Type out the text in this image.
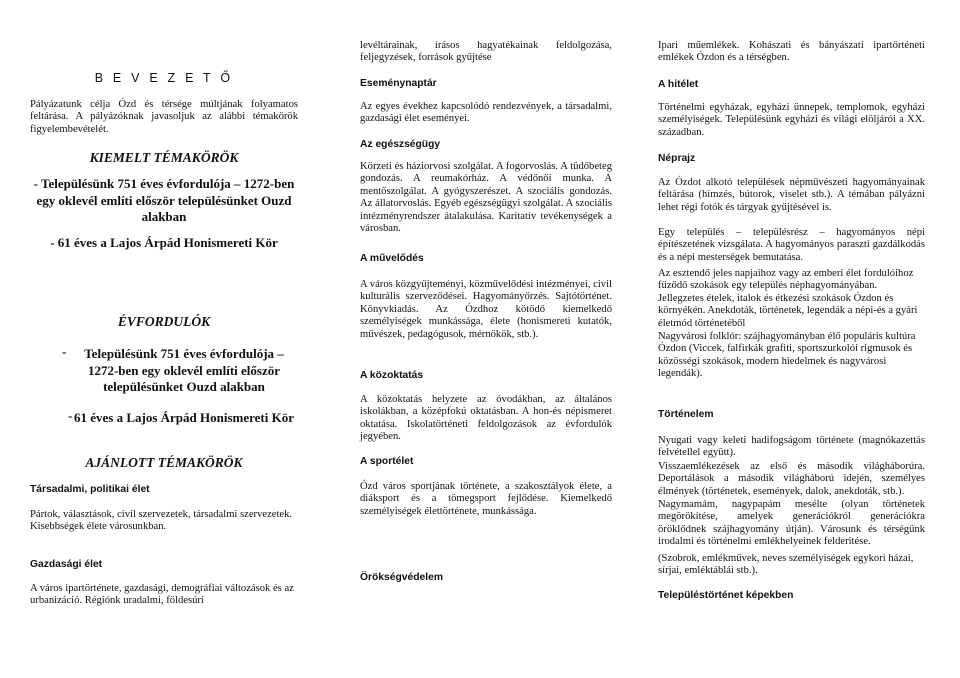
B E V E Z E T Ő
Pályázatunk célja Ózd és térsége múltjának folyamatos feltárása. A pályázóknak javasoljuk az alábbi témakörök figyelembevételét.
KIEMELT TÉMAKÖRÖK
- Településünk 751 éves évfordulója – 1272-ben egy oklevél említi először településünket Ouzd alakban
- 61 éves a Lajos Árpád Honismereti Kör
ÉVFORDULÓK
-	Településünk 751 éves évfordulója – 1272-ben egy oklevél említi először településünket Ouzd alakban
- 61 éves a Lajos Árpád Honismereti Kör
AJÁNLOTT TÉMAKÖRÖK
Társadalmi, politikai élet
Pártok, választások, civil szervezetek, társadalmi szervezetek. Kisebbségek élete városunkban.
Gazdasági élet
A város ipartörténete, gazdasági, demográfiai változások és az urbanizáció. Régiónk uradalmi, földesúri
levéltárainak, írásos hagyatékainak feldolgozása, feljegyzések, források gyűjtése
Eseménynaptár
Az egyes évekhez kapcsolódó rendezvények, a társadalmi, gazdasági élet eseményei.
Az egészségügy
Körzeti és háziorvosi szolgálat. A fogorvoslás. A tüdőbeteg gondozás. A reumakórház. A védőnői munka. A mentőszolgálat. A gyógyszerészet. A szociális gondozás. Az állatorvoslás. Egyéb egészségügyi szolgálat. A szociális intézményrendszer átalakulása. Karitatív tevékenységek a városban.
A művelődés
A város közgyűjteményi, közművelődési intézményei, civil kulturális szerveződései. Hagyományőrzés. Sajtótörténet. Könyvkiadás. Az Ózdhoz kötődő kiemelkedő személyiségek munkássága, élete (honismereti kutatók, művészek, pedagógusok, mérnökök, stb.).
A közoktatás
A közoktatás helyzete az óvodákban, az általános iskolákban, a középfokú oktatásban. A hon-és népismeret oktatása. Iskolatörténeti feldolgozások az évfordulók jegyében.
A sportélet
Ózd város sportjának története, a szakosztályok élete, a diáksport és a tömegsport fejlődése. Kiemelkedő személyiségek élettörténete, munkássága.
Örökségvédelem
Ipari műemlékek. Kohászati és bányászati ipartörténeti emlékek Ózdon és a térségben.
A hitélet
Történelmi egyházak, egyházi ünnepek, templomok, egyházi személyiségek. Településünk egyházi és világi elöljárói a XX. században.
Néprajz
Az Ózdot alkotó települések népművészeti hagyományainak feltárása (hímzés, bútorok, viselet stb.). A témában pályázni lehet régi fotók és tárgyak gyűjtésével is.
Egy település – településrész – hagyományos népi építészetének vizsgálata. A hagyományos paraszti gazdálkodás és a népi mesterségek bemutatása.
Az esztendő jeles napjaihoz vagy az emberi élet fordulóihoz fűződő szokások egy település néphagyományában. Jellegzetes ételek, italok és étkezési szokások Ózdon és környékén. Anekdoták, történetek, legendák a népi-és a gyári életmód történetéből
Nagyvárosi folklór: szájhagyományban élő populáris kultúra Ózdon (Viccek, falfirkák grafiti, sportszurkolói rigmusok és közösségi szokások, modern hiedelmek és nagyvárosi legendák).
Történelem
Nyugati vagy keleti hadifogságom története (magnókazettás felvétellel együtt).
Visszaemlékezések az első és második világháborúra. Deportálások a második világháború idején, személyes élmények (történetek, események, dalok, anekdoták, stb.).
Nagymamám, nagypapám mesélte (olyan történetek megörökítése, amelyek generációkról generációkra öröklődnek szájhagyomány útján). Városunk és térségünk irodalmi és történelmi emlékhelyeinek felderítése.
(Szobrok, emlékművek, neves személyiségek egykori házai, sírjai, emléktáblái stb.).
Településtörténet képekben
